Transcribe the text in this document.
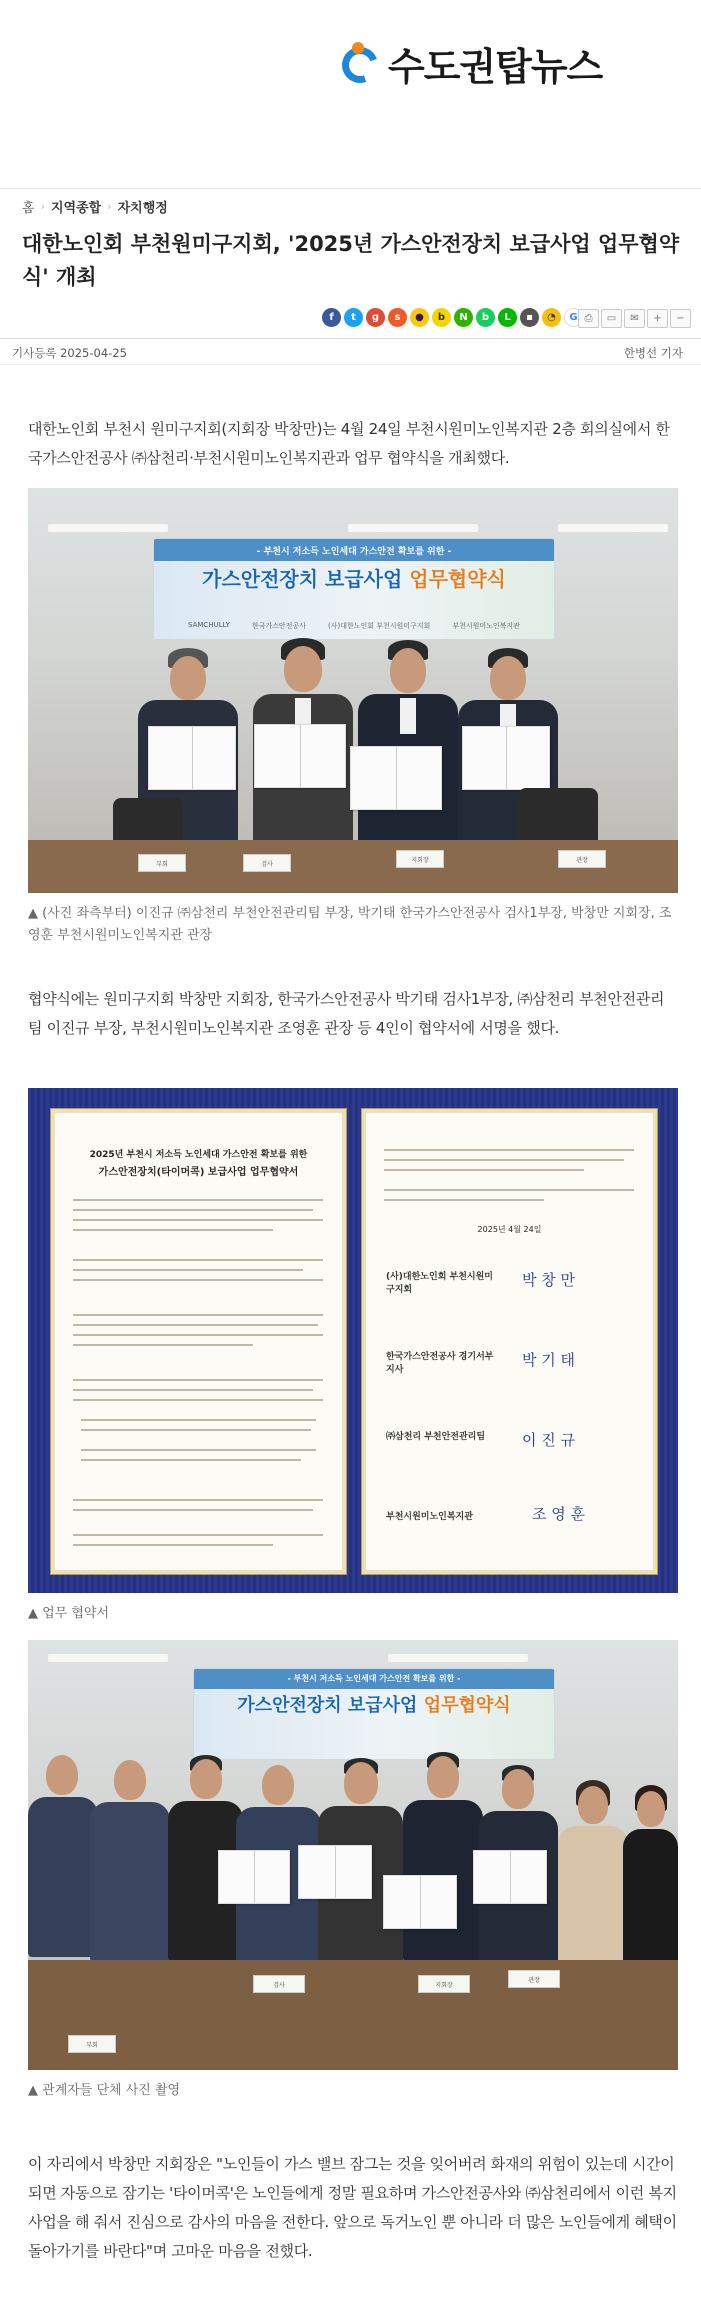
수도권탑뉴스
홈 › 지역종합 › 자치행정
대한노인회 부천원미구지회, '2025년 가스안전장치 보급사업 업무협약식' 개최
f	t	g	s	●	b	N	b	L	▪	◔	G ⎙	▭	✉	+	−
기사등록 2025-04-25	한병선 기자
대한노인회 부천시 원미구지회(지회장 박창만)는 4월 24일 부천시원미노인복지관 2층 회의실에서 한국가스안전공사 ㈜삼천리·부천시원미노인복지관과 업무 협약식을 개최했다.
- 부천시 저소득 노인세대 가스안전 확보를 위한 -
가스안전장치 보급사업 업무협약식
SAMCHULLY	한국가스안전공사	(사)대한노인회 부천시원미구지회	부천시원미노인복지관
부회	검사
지회장	관장
▲ (사진 좌측부터) 이진규 ㈜삼천리 부천안전관리팀 부장, 박기태 한국가스안전공사 검사1부장, 박창만 지회장, 조영훈 부천시원미노인복지관 관장
협약식에는 원미구지회 박창만 지회장, 한국가스안전공사 박기태 검사1부장, ㈜삼천리 부천안전관리팀 이진규 부장, 부천시원미노인복지관 조영훈 관장 등 4인이 협약서에 서명을 했다.
2025년 부천시 저소득 노인세대 가스안전 확보를 위한
가스안전장치(타이머콕) 보급사업 업무협약서
2025년 4월 24일
(사)대한노인회 부천시원미구지회
박 창 만
한국가스안전공사 경기서부지사
박 기 태
㈜삼천리 부천안전관리팀	이 진 규
부천시원미노인복지관	조 영 훈
▲ 업무 협약서
- 부천시 저소득 노인세대 가스안전 확보를 위한 -
가스안전장치 보급사업 업무협약식
검사	지회장
관장
부회
▲ 관계자들 단체 사진 촬영
이 자리에서 박창만 지회장은 "노인들이 가스 밸브 잠그는 것을 잊어버려 화재의 위험이 있는데 시간이 되면 자동으로 잠기는 '타이머콕'은 노인들에게 정말 필요하며 가스안전공사와 ㈜삼천리에서 이런 복지사업을 해 줘서 진심으로 감사의 마음을 전한다. 앞으로 독거노인 뿐 아니라 더 많은 노인들에게 혜택이 돌아가기를 바란다"며 고마운 마음을 전했다.
